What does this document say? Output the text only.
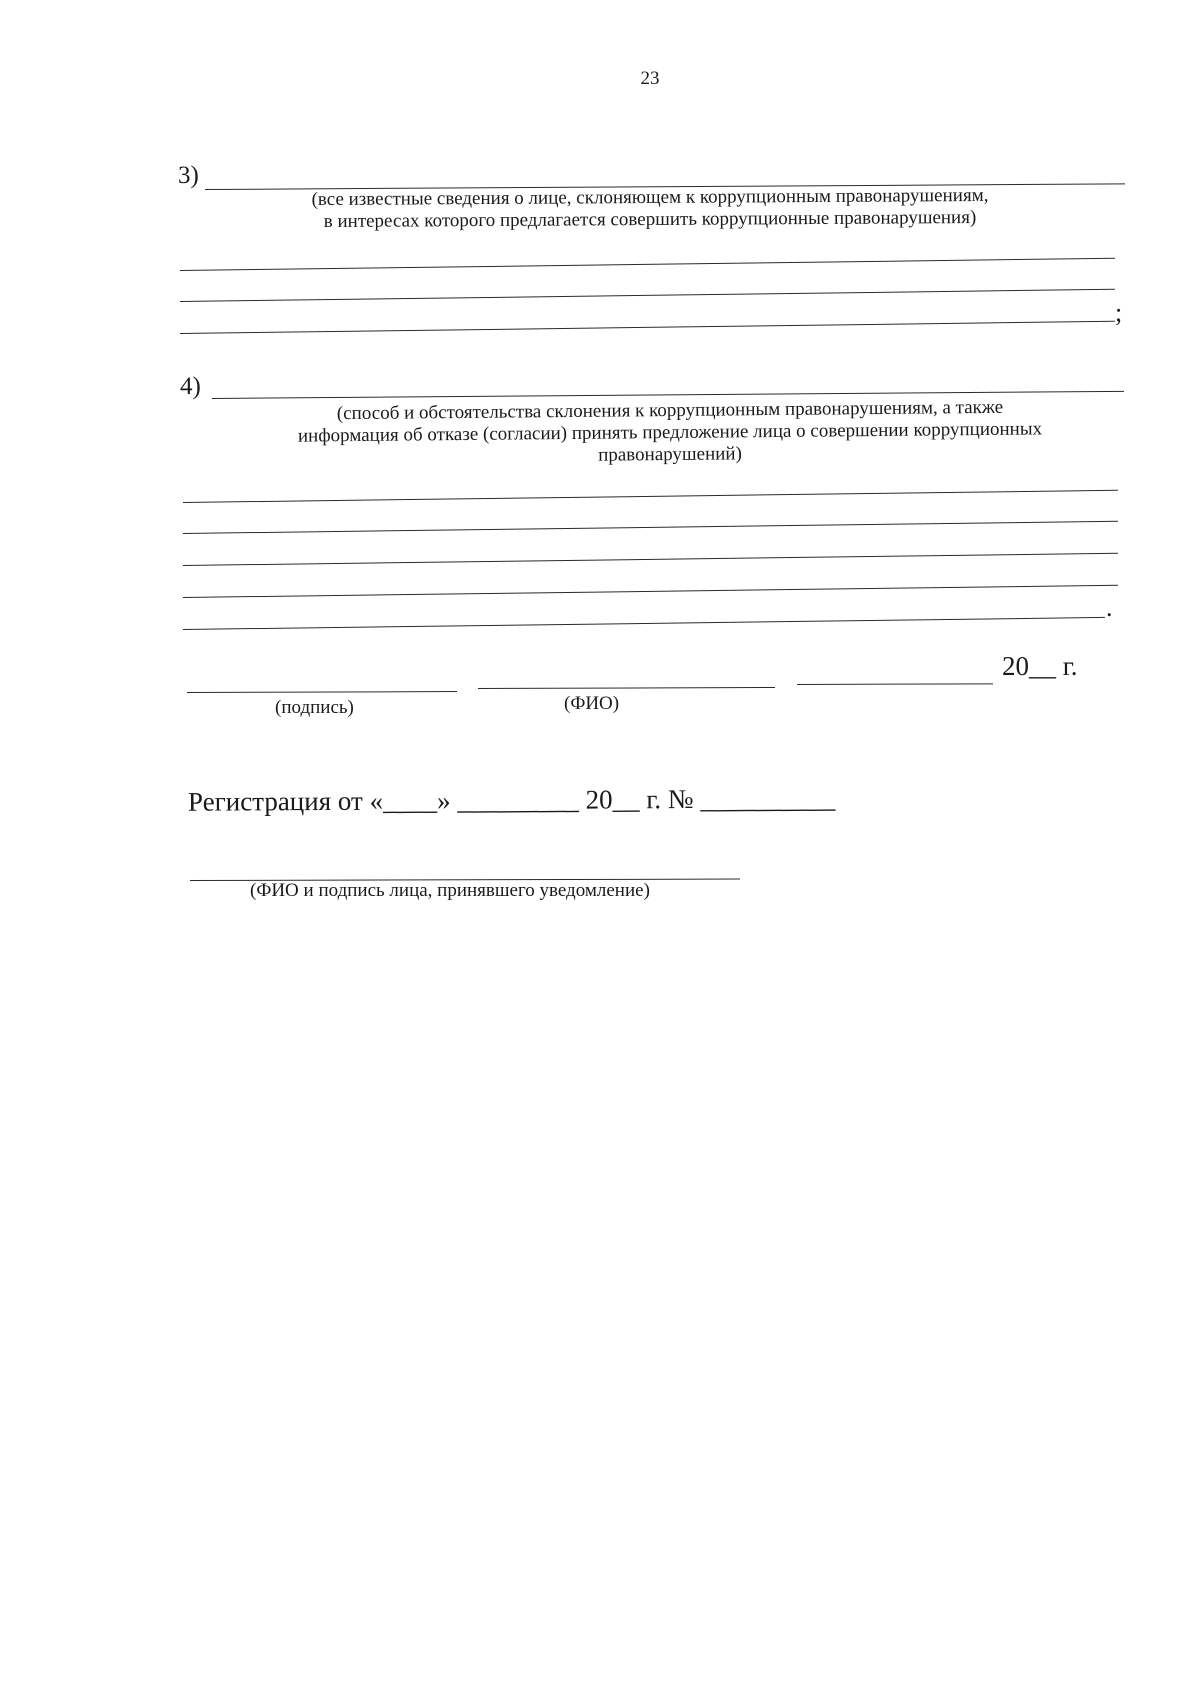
23
3)
(все известные сведения о лице, склоняющем к коррупционным правонарушениям,
в интересах которого предлагается совершить коррупционные правонарушения)
;
4)
(способ и обстоятельства склонения к коррупционным правонарушениям, а также
информация об отказе (согласии) принять предложение лица о совершении коррупционных
правонарушений)
.
20__ г.
(подпись)	(ФИО)
Регистрация от «____» _________ 20__ г. № __________
(ФИО и подпись лица, принявшего уведомление)
